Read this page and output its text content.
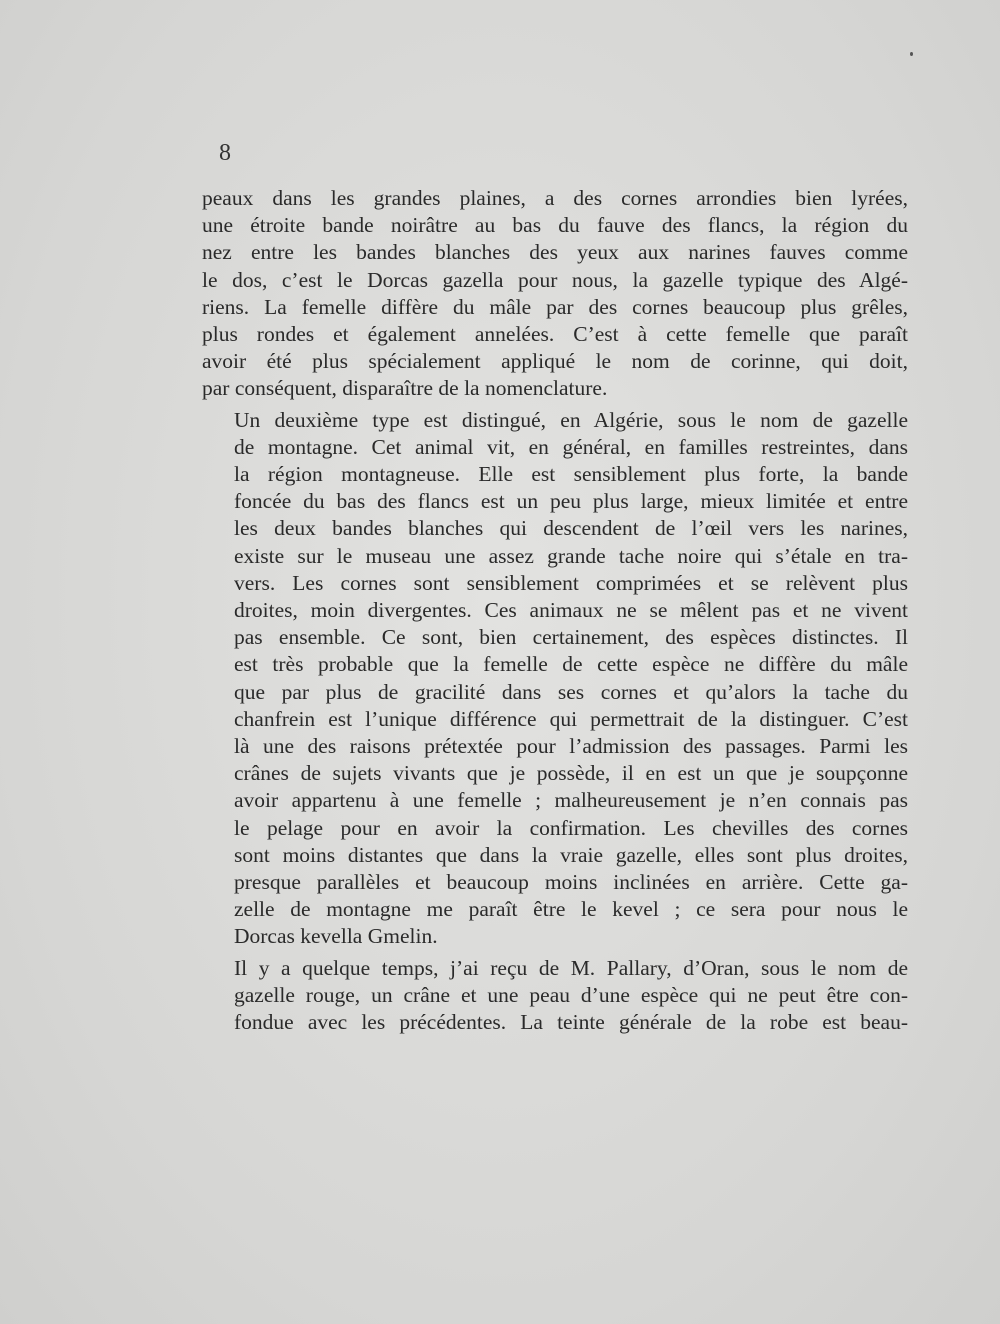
8

peaux dans les grandes plaines, a des cornes arrondies bien lyrées,
une étroite bande noirâtre au bas du fauve des flancs, la région du
nez entre les bandes blanches des yeux aux narines fauves comme
le dos, c’est le Dorcas gazella pour nous, la gazelle typique des Algé-
riens. La femelle diffère du mâle par des cornes beaucoup plus grêles,
plus rondes et également annelées. C’est à cette femelle que paraît
avoir été plus spécialement appliqué le nom de corinne, qui doit,
par conséquent, disparaître de la nomenclature.

Un deuxième type est distingué, en Algérie, sous le nom de gazelle
de montagne. Cet animal vit, en général, en familles restreintes, dans
la région montagneuse. Elle est sensiblement plus forte, la bande
foncée du bas des flancs est un peu plus large, mieux limitée et entre
les deux bandes blanches qui descendent de l’œil vers les narines,
existe sur le museau une assez grande tache noire qui s’étale en tra-
vers. Les cornes sont sensiblement comprimées et se relèvent plus
droites, moin divergentes. Ces animaux ne se mêlent pas et ne vivent
pas ensemble. Ce sont, bien certainement, des espèces distinctes. Il
est très probable que la femelle de cette espèce ne diffère du mâle
que par plus de gracilité dans ses cornes et qu’alors la tache du
chanfrein est l’unique différence qui permettrait de la distinguer. C’est
là une des raisons prétextée pour l’admission des passages. Parmi les
crânes de sujets vivants que je possède, il en est un que je soupçonne
avoir appartenu à une femelle ; malheureusement je n’en connais pas
le pelage pour en avoir la confirmation. Les chevilles des cornes
sont moins distantes que dans la vraie gazelle, elles sont plus droites,
presque parallèles et beaucoup moins inclinées en arrière. Cette ga-
zelle de montagne me paraît être le kevel ; ce sera pour nous le
Dorcas kevella Gmelin.

Il y a quelque temps, j’ai reçu de M. Pallary, d’Oran, sous le nom de
gazelle rouge, un crâne et une peau d’une espèce qui ne peut être con-
fondue avec les précédentes. La teinte générale de la robe est beau-
